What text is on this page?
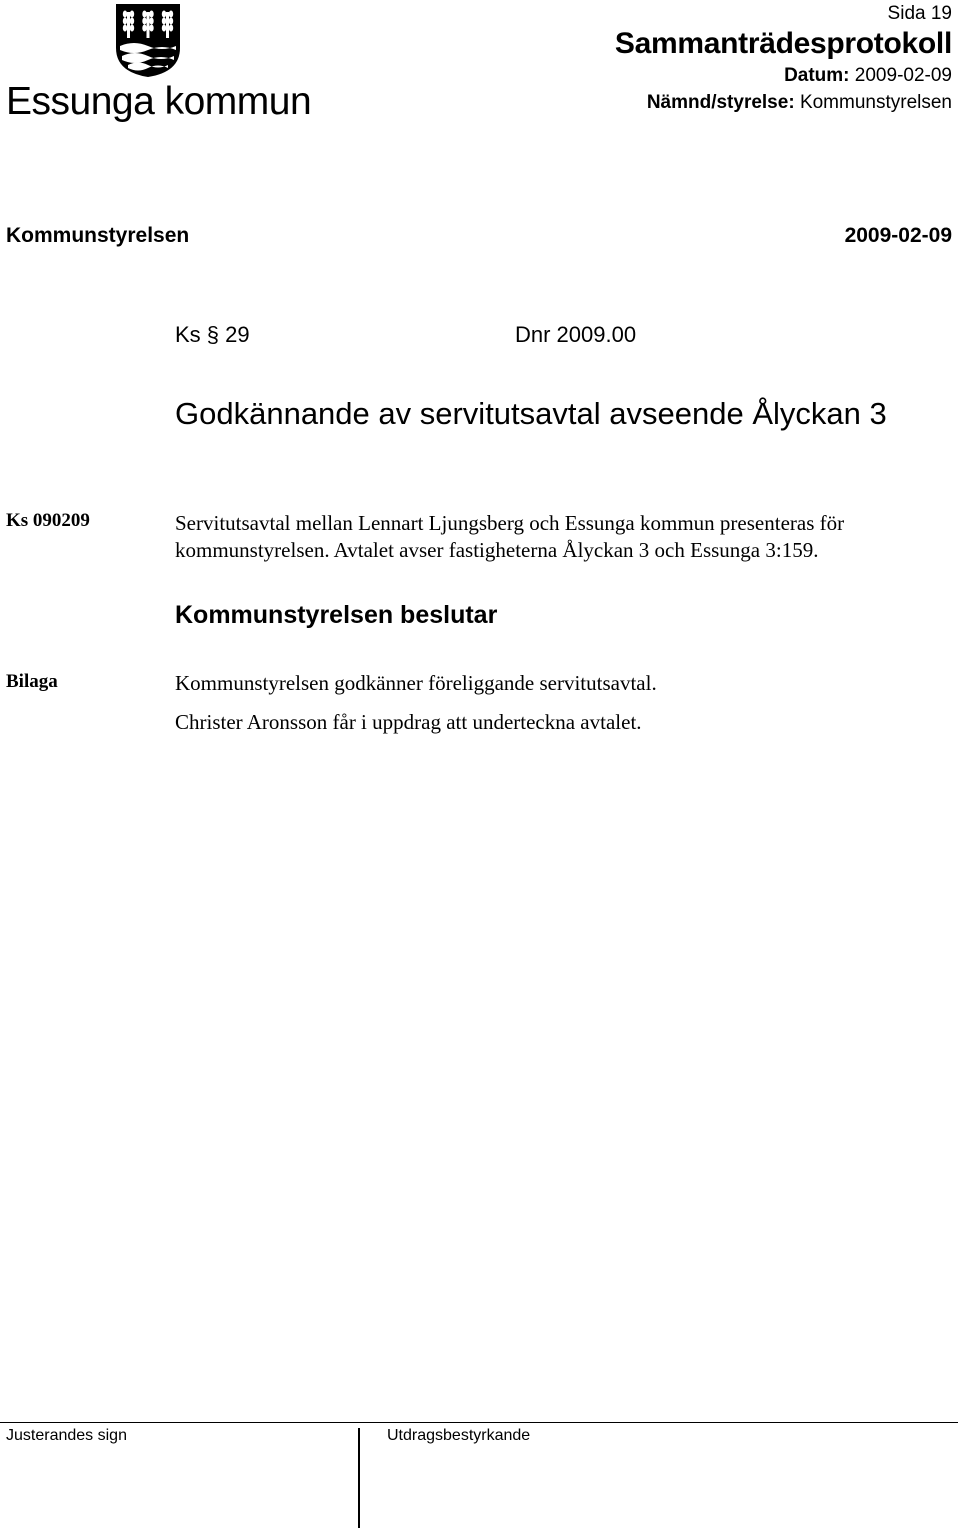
Essunga kommun
Sida 19
Sammanträdesprotokoll
Datum: 2009-02-09
Nämnd/styrelse: Kommunstyrelsen
Kommunstyrelsen	2009-02-09
Ks § 29	Dnr 2009.00
Godkännande av servitutsavtal avseende Ålyckan 3
Ks 090209	Servitutsavtal mellan Lennart Ljungsberg och Essunga kommun presenteras för kommunstyrelsen. Avtalet avser fastigheterna Ålyckan 3 och Essunga 3:159.
Kommunstyrelsen beslutar
Bilaga	Kommunstyrelsen godkänner föreliggande servitutsavtal.
Christer Aronsson får i uppdrag att underteckna avtalet.
Justerandes sign	Utdragsbestyrkande
